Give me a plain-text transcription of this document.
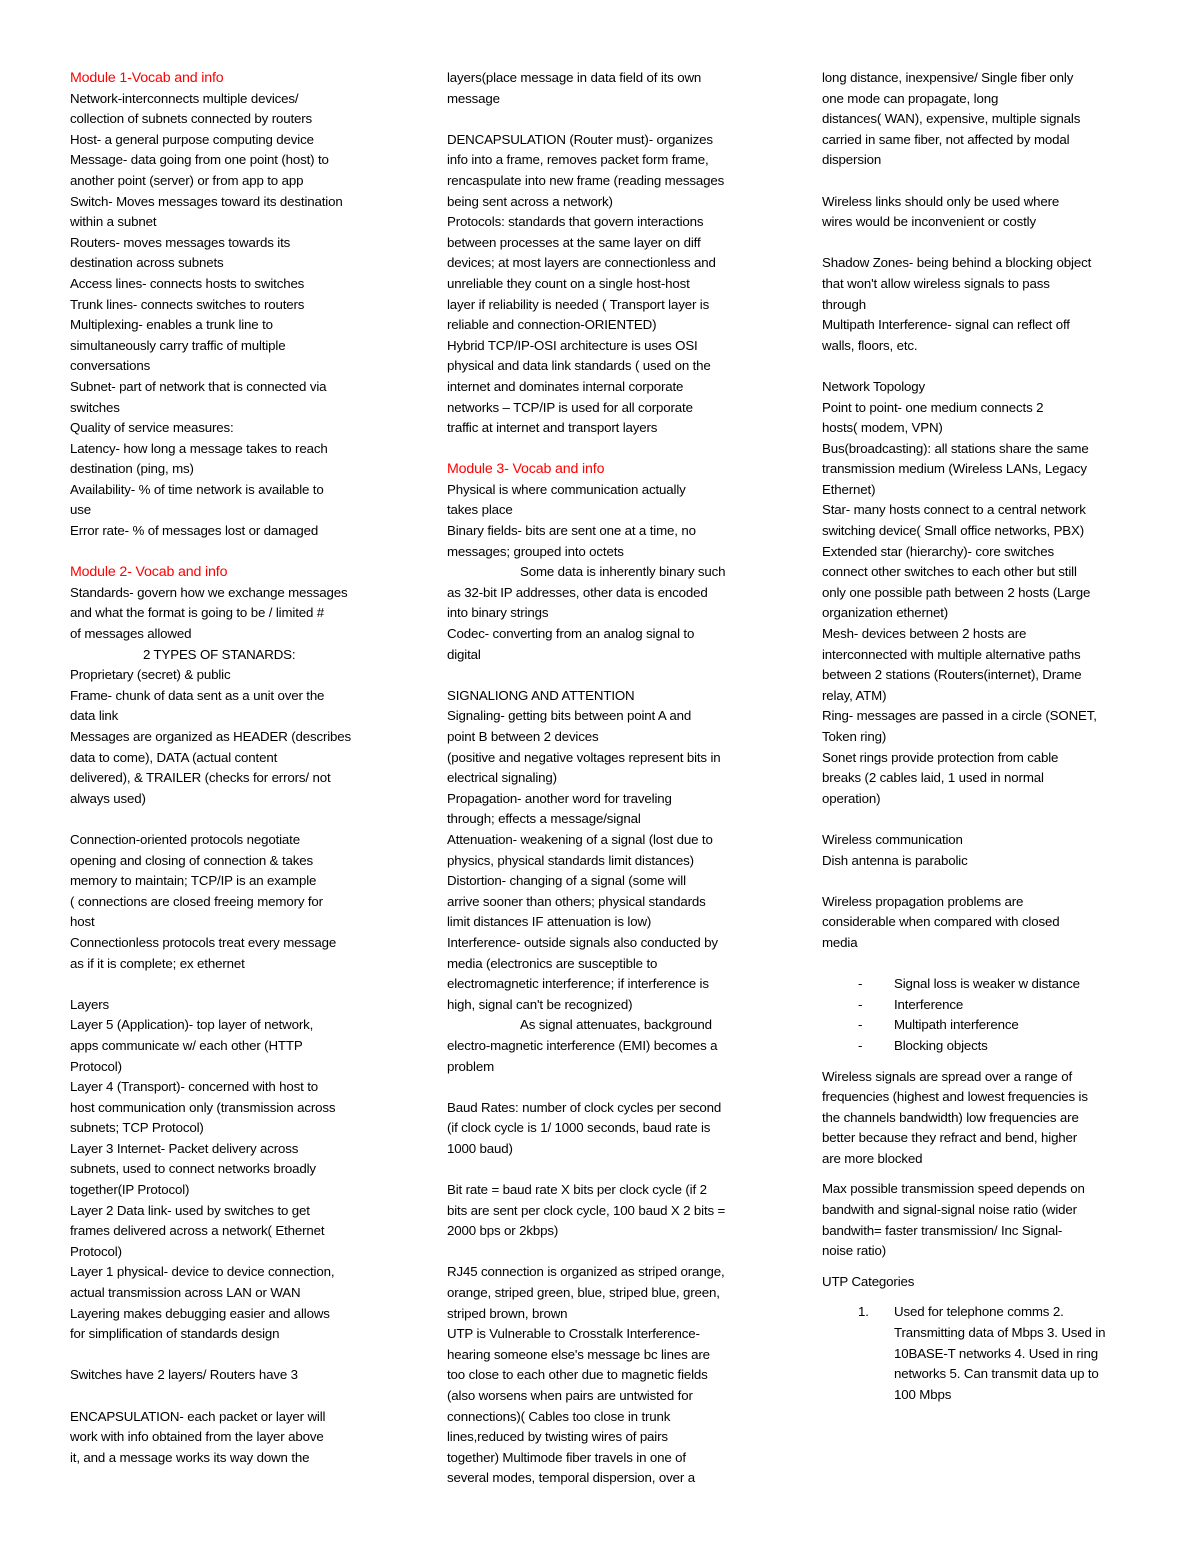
Module 1-Vocab and info
Network-interconnects multiple devices/
collection of subnets connected by routers
Host- a general purpose computing device
Message- data going from one point (host) to
another point (server) or from app to app
Switch- Moves messages toward its destination
within a subnet
Routers- moves messages towards its
destination across subnets
Access lines- connects hosts to switches
Trunk lines- connects switches to routers
Multiplexing- enables a trunk line to
simultaneously carry traffic of multiple
conversations
Subnet- part of network that is connected via
switches
Quality of service measures:
Latency- how long a message takes to reach
destination (ping, ms)
Availability- % of time network is available to
use
Error rate- % of messages lost or damaged
Module 2- Vocab and info
Standards- govern how we exchange messages
and what the format is going to be / limited #
of messages allowed
2 TYPES OF STANARDS:
Proprietary (secret) & public
Frame- chunk of data sent as a unit over the
data link
Messages are organized as HEADER (describes
data to come), DATA (actual content
delivered), & TRAILER (checks for errors/ not
always used)
Connection-oriented protocols negotiate
opening and closing of connection & takes
memory to maintain; TCP/IP is an example
( connections are closed freeing memory for
host
Connectionless protocols treat every message
as if it is complete; ex ethernet
Layers
Layer 5 (Application)- top layer of network,
apps communicate w/ each other (HTTP
Protocol)
Layer 4 (Transport)- concerned with host to
host communication only (transmission across
subnets; TCP Protocol)
Layer 3 Internet- Packet delivery across
subnets, used to connect networks broadly
together(IP Protocol)
Layer 2 Data link- used by switches to get
frames delivered across a network( Ethernet
Protocol)
Layer 1 physical- device to device connection,
actual transmission across LAN or WAN
Layering makes debugging easier and allows
for simplification of standards design
Switches have 2 layers/ Routers have 3
ENCAPSULATION- each packet or layer will
work with info obtained from the layer above
it, and a message works its way down the
layers(place message in data field of its own
message
DENCAPSULATION (Router must)- organizes
info into a frame, removes packet form frame,
rencaspulate into new frame (reading messages
being sent across a network)
Protocols: standards that govern interactions
between processes at the same layer on diff
devices; at most layers are connectionless and
unreliable they count on a single host-host
layer if reliability is needed ( Transport layer is
reliable and connection-ORIENTED)
Hybrid TCP/IP-OSI architecture is uses OSI
physical and data link standards ( used on the
internet and dominates internal corporate
networks – TCP/IP is used for all corporate
traffic at internet and transport layers
Module 3- Vocab and info
Physical is where communication actually
takes place
Binary fields- bits are sent one at a time, no
messages; grouped into octets
Some data is inherently binary such
as 32-bit IP addresses, other data is encoded
into binary strings
Codec- converting from an analog signal to
digital
SIGNALIONG AND ATTENTION
Signaling- getting bits between point A and
point B between 2 devices
(positive and negative voltages represent bits in
electrical signaling)
Propagation- another word for traveling
through; effects a message/signal
Attenuation- weakening of a signal (lost due to
physics, physical standards limit distances)
Distortion- changing of a signal (some will
arrive sooner than others; physical standards
limit distances IF attenuation is low)
Interference- outside signals also conducted by
media (electronics are susceptible to
electromagnetic interference; if interference is
high, signal can't be recognized)
As signal attenuates, background
electro-magnetic interference (EMI) becomes a
problem
Baud Rates: number of clock cycles per second
(if clock cycle is 1/ 1000 seconds, baud rate is
1000 baud)
Bit rate = baud rate X bits per clock cycle (if 2
bits are sent per clock cycle, 100 baud X 2 bits =
2000 bps or 2kbps)
RJ45 connection is organized as striped orange,
orange, striped green, blue, striped blue, green,
striped brown, brown
UTP is Vulnerable to Crosstalk Interference-
hearing someone else's message bc lines are
too close to each other due to magnetic fields
(also worsens when pairs are untwisted for
connections)( Cables too close in trunk
lines,reduced by twisting wires of pairs
together) Multimode fiber travels in one of
several modes, temporal dispersion, over a
long distance, inexpensive/ Single fiber only
one mode can propagate, long
distances( WAN), expensive, multiple signals
carried in same fiber, not affected by modal
dispersion
Wireless links should only be used where
wires would be inconvenient or costly
Shadow Zones- being behind a blocking object
that won't allow wireless signals to pass
through
Multipath Interference- signal can reflect off
walls, floors, etc.
Network Topology
Point to point- one medium connects 2
hosts( modem, VPN)
Bus(broadcasting): all stations share the same
transmission medium (Wireless LANs, Legacy
Ethernet)
Star- many hosts connect to a central network
switching device( Small office networks, PBX)
Extended star (hierarchy)- core switches
connect other switches to each other but still
only one possible path between 2 hosts (Large
organization ethernet)
Mesh- devices between 2 hosts are
interconnected with multiple alternative paths
between 2 stations (Routers(internet), Drame
relay, ATM)
Ring- messages are passed in a circle (SONET,
Token ring)
Sonet rings provide protection from cable
breaks (2 cables laid, 1 used in normal
operation)
Wireless communication
Dish antenna is parabolic
Wireless propagation problems are
considerable when compared with closed
media
- Signal loss is weaker w distance
- Interference
- Multipath interference
- Blocking objects
Wireless signals are spread over a range of
frequencies (highest and lowest frequencies is
the channels bandwidth) low frequencies are
better because they refract and bend, higher
are more blocked
Max possible transmission speed depends on
bandwith and signal-signal noise ratio (wider
bandwith= faster transmission/ Inc Signal-
noise ratio)
UTP Categories
1. Used for telephone comms 2.
Transmitting data of Mbps 3. Used in
10BASE-T networks 4. Used in ring
networks 5. Can transmit data up to
100 Mbps
